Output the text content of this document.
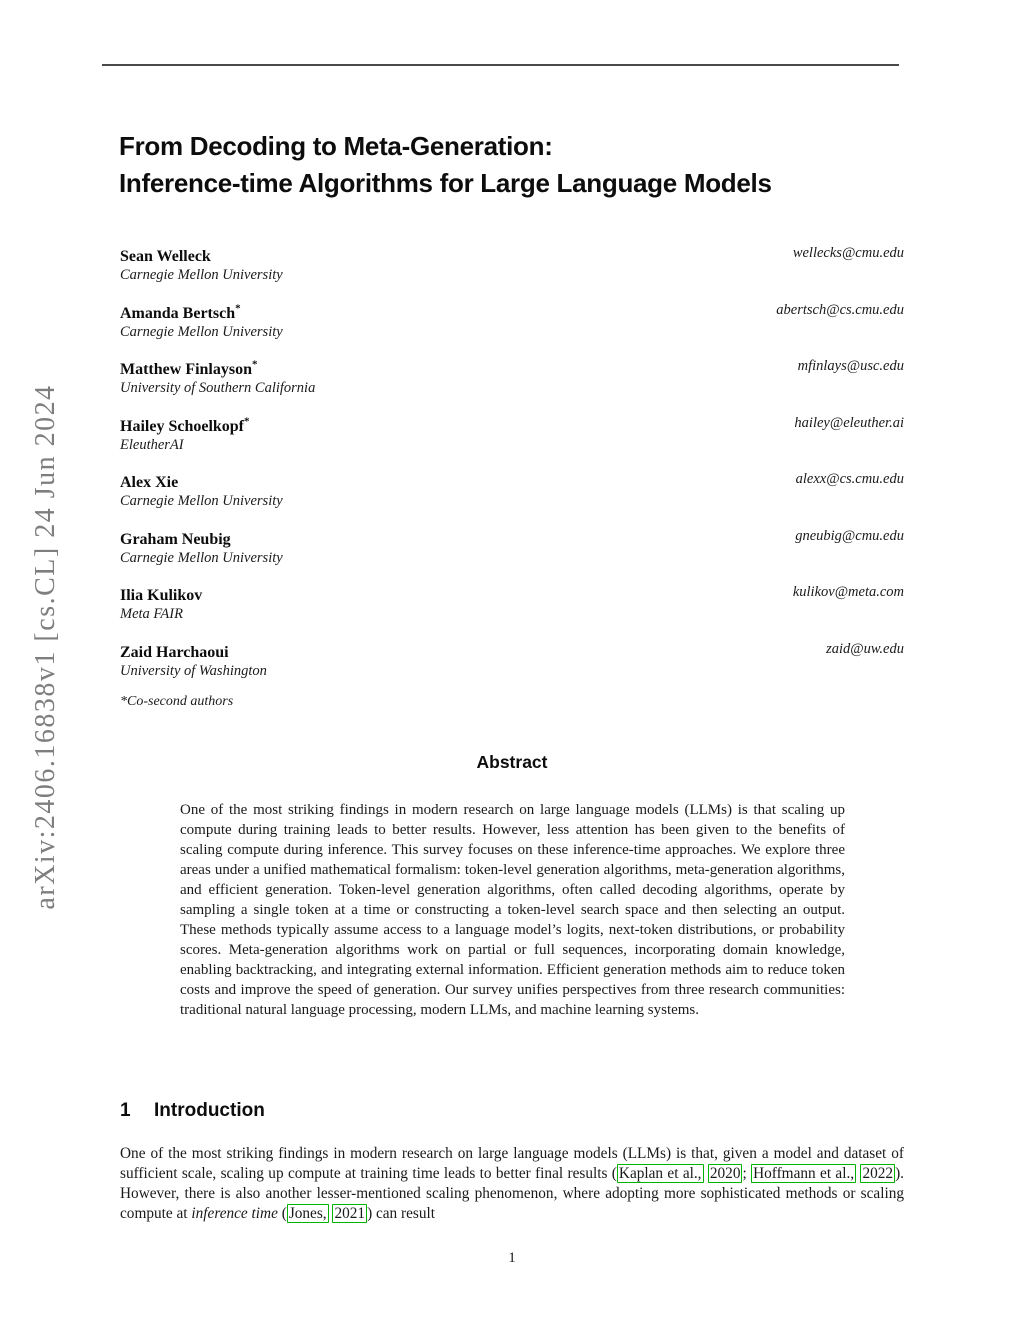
arXiv:2406.16838v1 [cs.CL] 24 Jun 2024
From Decoding to Meta-Generation:
Inference-time Algorithms for Large Language Models
Sean Welleck	wellecks@cmu.edu
Carnegie Mellon University
Amanda Bertsch*	abertsch@cs.cmu.edu
Carnegie Mellon University
Matthew Finlayson*	mfinlays@usc.edu
University of Southern California
Hailey Schoelkopf*	hailey@eleuther.ai
EleutherAI
Alex Xie	alexx@cs.cmu.edu
Carnegie Mellon University
Graham Neubig	gneubig@cmu.edu
Carnegie Mellon University
Ilia Kulikov	kulikov@meta.com
Meta FAIR
Zaid Harchaoui	zaid@uw.edu
University of Washington
*Co-second authors
Abstract

One of the most striking findings in modern research on large language models (LLMs) is that scaling up compute during training leads to better results. However, less attention has been given to the benefits of scaling compute during inference. This survey focuses on these inference-time approaches. We explore three areas under a unified mathematical formalism: token-level generation algorithms, meta-generation algorithms, and efficient generation. Token-level generation algorithms, often called decoding algorithms, operate by sampling a single token at a time or constructing a token-level search space and then selecting an output. These methods typically assume access to a language model’s logits, next-token distributions, or probability scores. Meta-generation algorithms work on partial or full sequences, incorporating domain knowledge, enabling backtracking, and integrating external information. Efficient generation methods aim to reduce token costs and improve the speed of generation. Our survey unifies perspectives from three research communities: traditional natural language processing, modern LLMs, and machine learning systems.

1 Introduction

One of the most striking findings in modern research on large language models (LLMs) is that, given a model and dataset of sufficient scale, scaling up compute at training time leads to better final results ( Kaplan et al., 2020 ; Hoffmann et al., 2022 ). However, there is also another lesser-mentioned scaling phenomenon, where adopting more sophisticated methods or scaling compute at inference time ( Jones, 2021 ) can result

1
